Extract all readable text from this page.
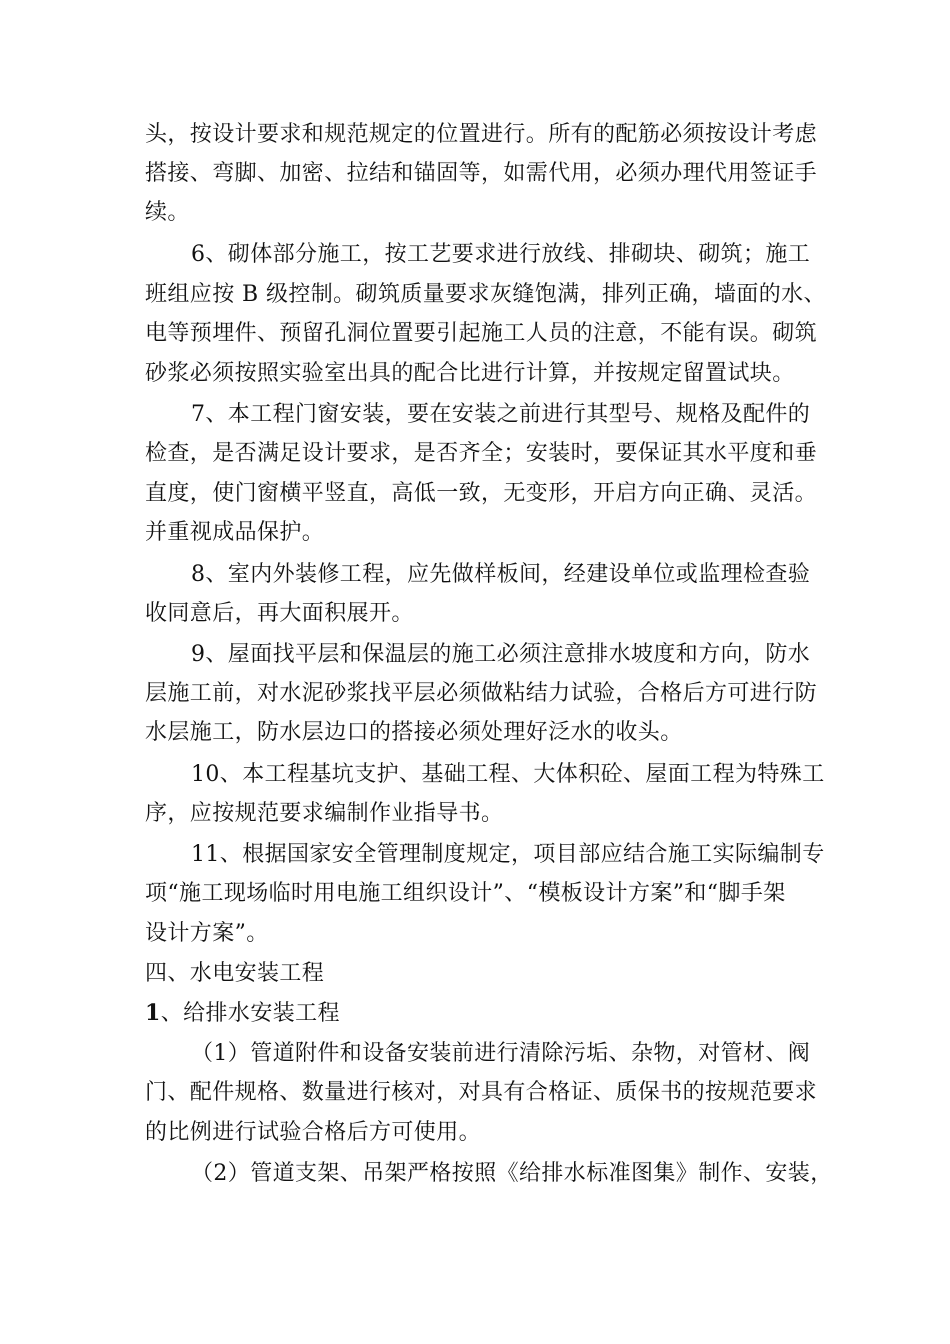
头，按设计要求和规范规定的位置进行。所有的配筋必须按设计考虑
搭接、弯脚、加密、拉结和锚固等，如需代用，必须办理代用签证手
续。
6、砌体部分施工，按工艺要求进行放线、排砌块、砌筑；施工
班组应按 B 级控制。砌筑质量要求灰缝饱满，排列正确，墙面的水、
电等预埋件、预留孔洞位置要引起施工人员的注意，不能有误。砌筑
砂浆必须按照实验室出具的配合比进行计算，并按规定留置试块。
7、本工程门窗安装，要在安装之前进行其型号、规格及配件的
检查，是否满足设计要求，是否齐全；安装时，要保证其水平度和垂
直度，使门窗横平竖直，高低一致，无变形，开启方向正确、灵活。
并重视成品保护。
8、室内外装修工程，应先做样板间，经建设单位或监理检查验
收同意后，再大面积展开。
9、屋面找平层和保温层的施工必须注意排水坡度和方向，防水
层施工前，对水泥砂浆找平层必须做粘结力试验，合格后方可进行防
水层施工，防水层边口的搭接必须处理好泛水的收头。
10、本工程基坑支护、基础工程、大体积砼、屋面工程为特殊工
序，应按规范要求编制作业指导书。
11、根据国家安全管理制度规定，项目部应结合施工实际编制专
项“施工现场临时用电施工组织设计”、“模板设计方案”和“脚手架
设计方案”。
四、水电安装工程
1、给排水安装工程
（1）管道附件和设备安装前进行清除污垢、杂物，对管材、阀
门、配件规格、数量进行核对，对具有合格证、质保书的按规范要求
的比例进行试验合格后方可使用。
（2）管道支架、吊架严格按照《给排水标准图集》制作、安装，
